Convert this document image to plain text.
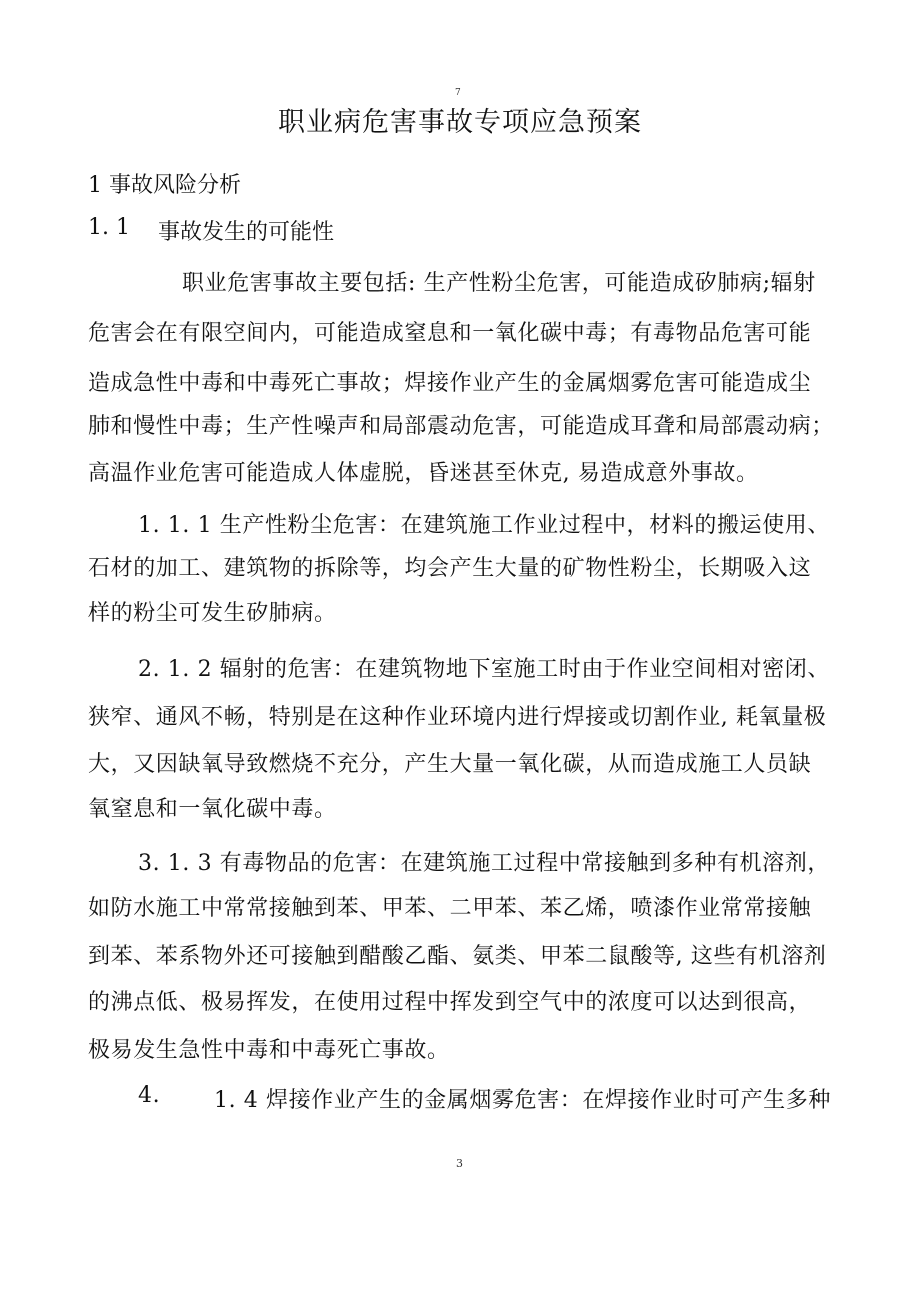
7
职业病危害事故专项应急预案
1 事故风险分析
1. 1 事故发生的可能性
职业危害事故主要包括: 生产性粉尘危害，可能造成矽肺病;辐射
危害会在有限空间内，可能造成窒息和一氧化碳中毒；有毒物品危害可能
造成急性中毒和中毒死亡事故；焊接作业产生的金属烟雾危害可能造成尘
肺和慢性中毒；生产性噪声和局部震动危害，可能造成耳聋和局部震动病；
高温作业危害可能造成人体虚脱，昏迷甚至休克, 易造成意外事故。
1. 1. 1 生产性粉尘危害：在建筑施工作业过程中，材料的搬运使用、
石材的加工、建筑物的拆除等，均会产生大量的矿物性粉尘，长期吸入这
样的粉尘可发生矽肺病。
2. 1. 2 辐射的危害：在建筑物地下室施工时由于作业空间相对密闭、
狭窄、通风不畅，特别是在这种作业环境内进行焊接或切割作业, 耗氧量极
大，又因缺氧导致燃烧不充分，产生大量一氧化碳，从而造成施工人员缺
氧窒息和一氧化碳中毒。
3. 1. 3 有毒物品的危害：在建筑施工过程中常接触到多种有机溶剂，
如防水施工中常常接触到苯、甲苯、二甲苯、苯乙烯，喷漆作业常常接触
到苯、苯系物外还可接触到醋酸乙酯、氨类、甲苯二鼠酸等, 这些有机溶剂
的沸点低、极易挥发，在使用过程中挥发到空气中的浓度可以达到很高，
极易发生急性中毒和中毒死亡事故。
4. 1. 4 焊接作业产生的金属烟雾危害：在焊接作业时可产生多种
3
